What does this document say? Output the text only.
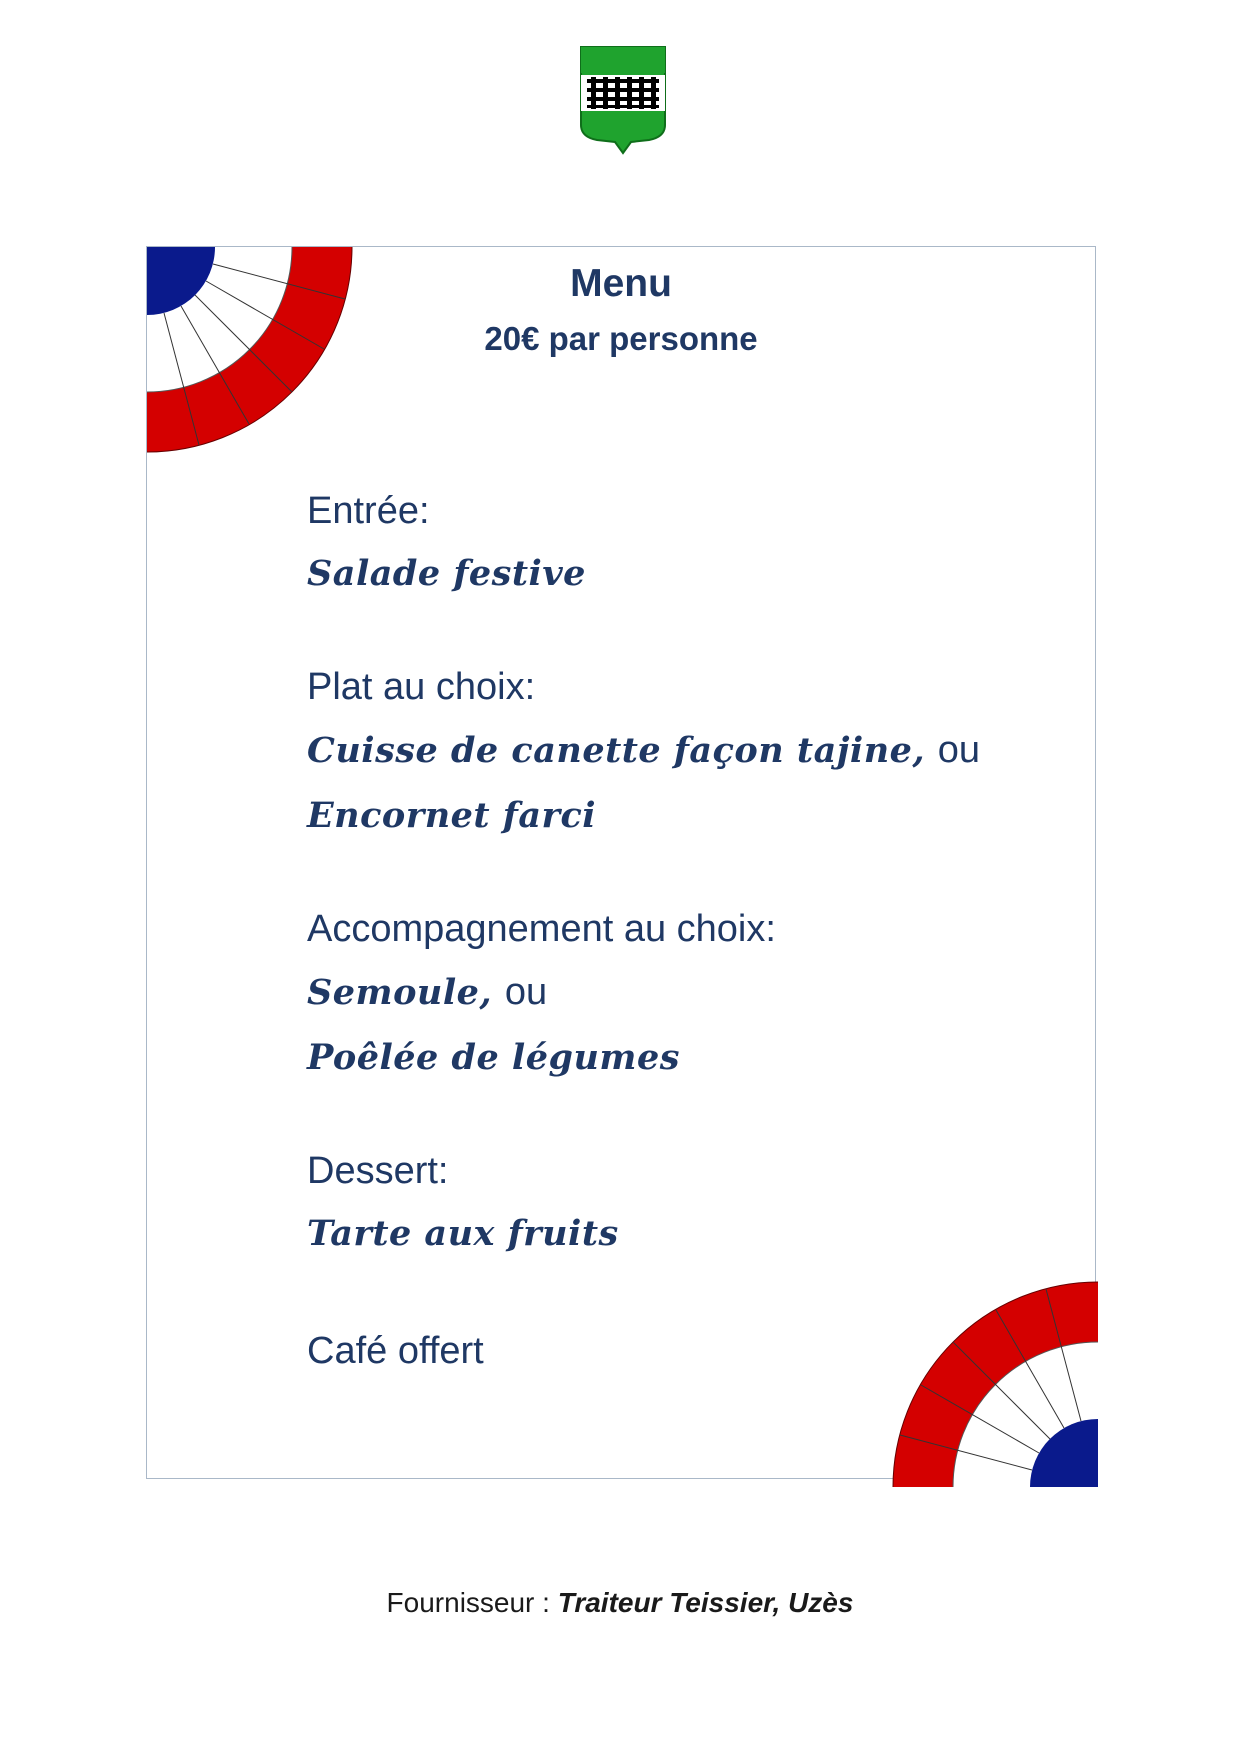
Menu
20€ par personne
Entrée:
Salade festive
Plat au choix:
Cuisse de canette façon tajine, ou
Encornet farci
Accompagnement au choix:
Semoule, ou
Poêlée de légumes
Dessert:
Tarte aux fruits
Café offert
Fournisseur : Traiteur Teissier, Uzès
